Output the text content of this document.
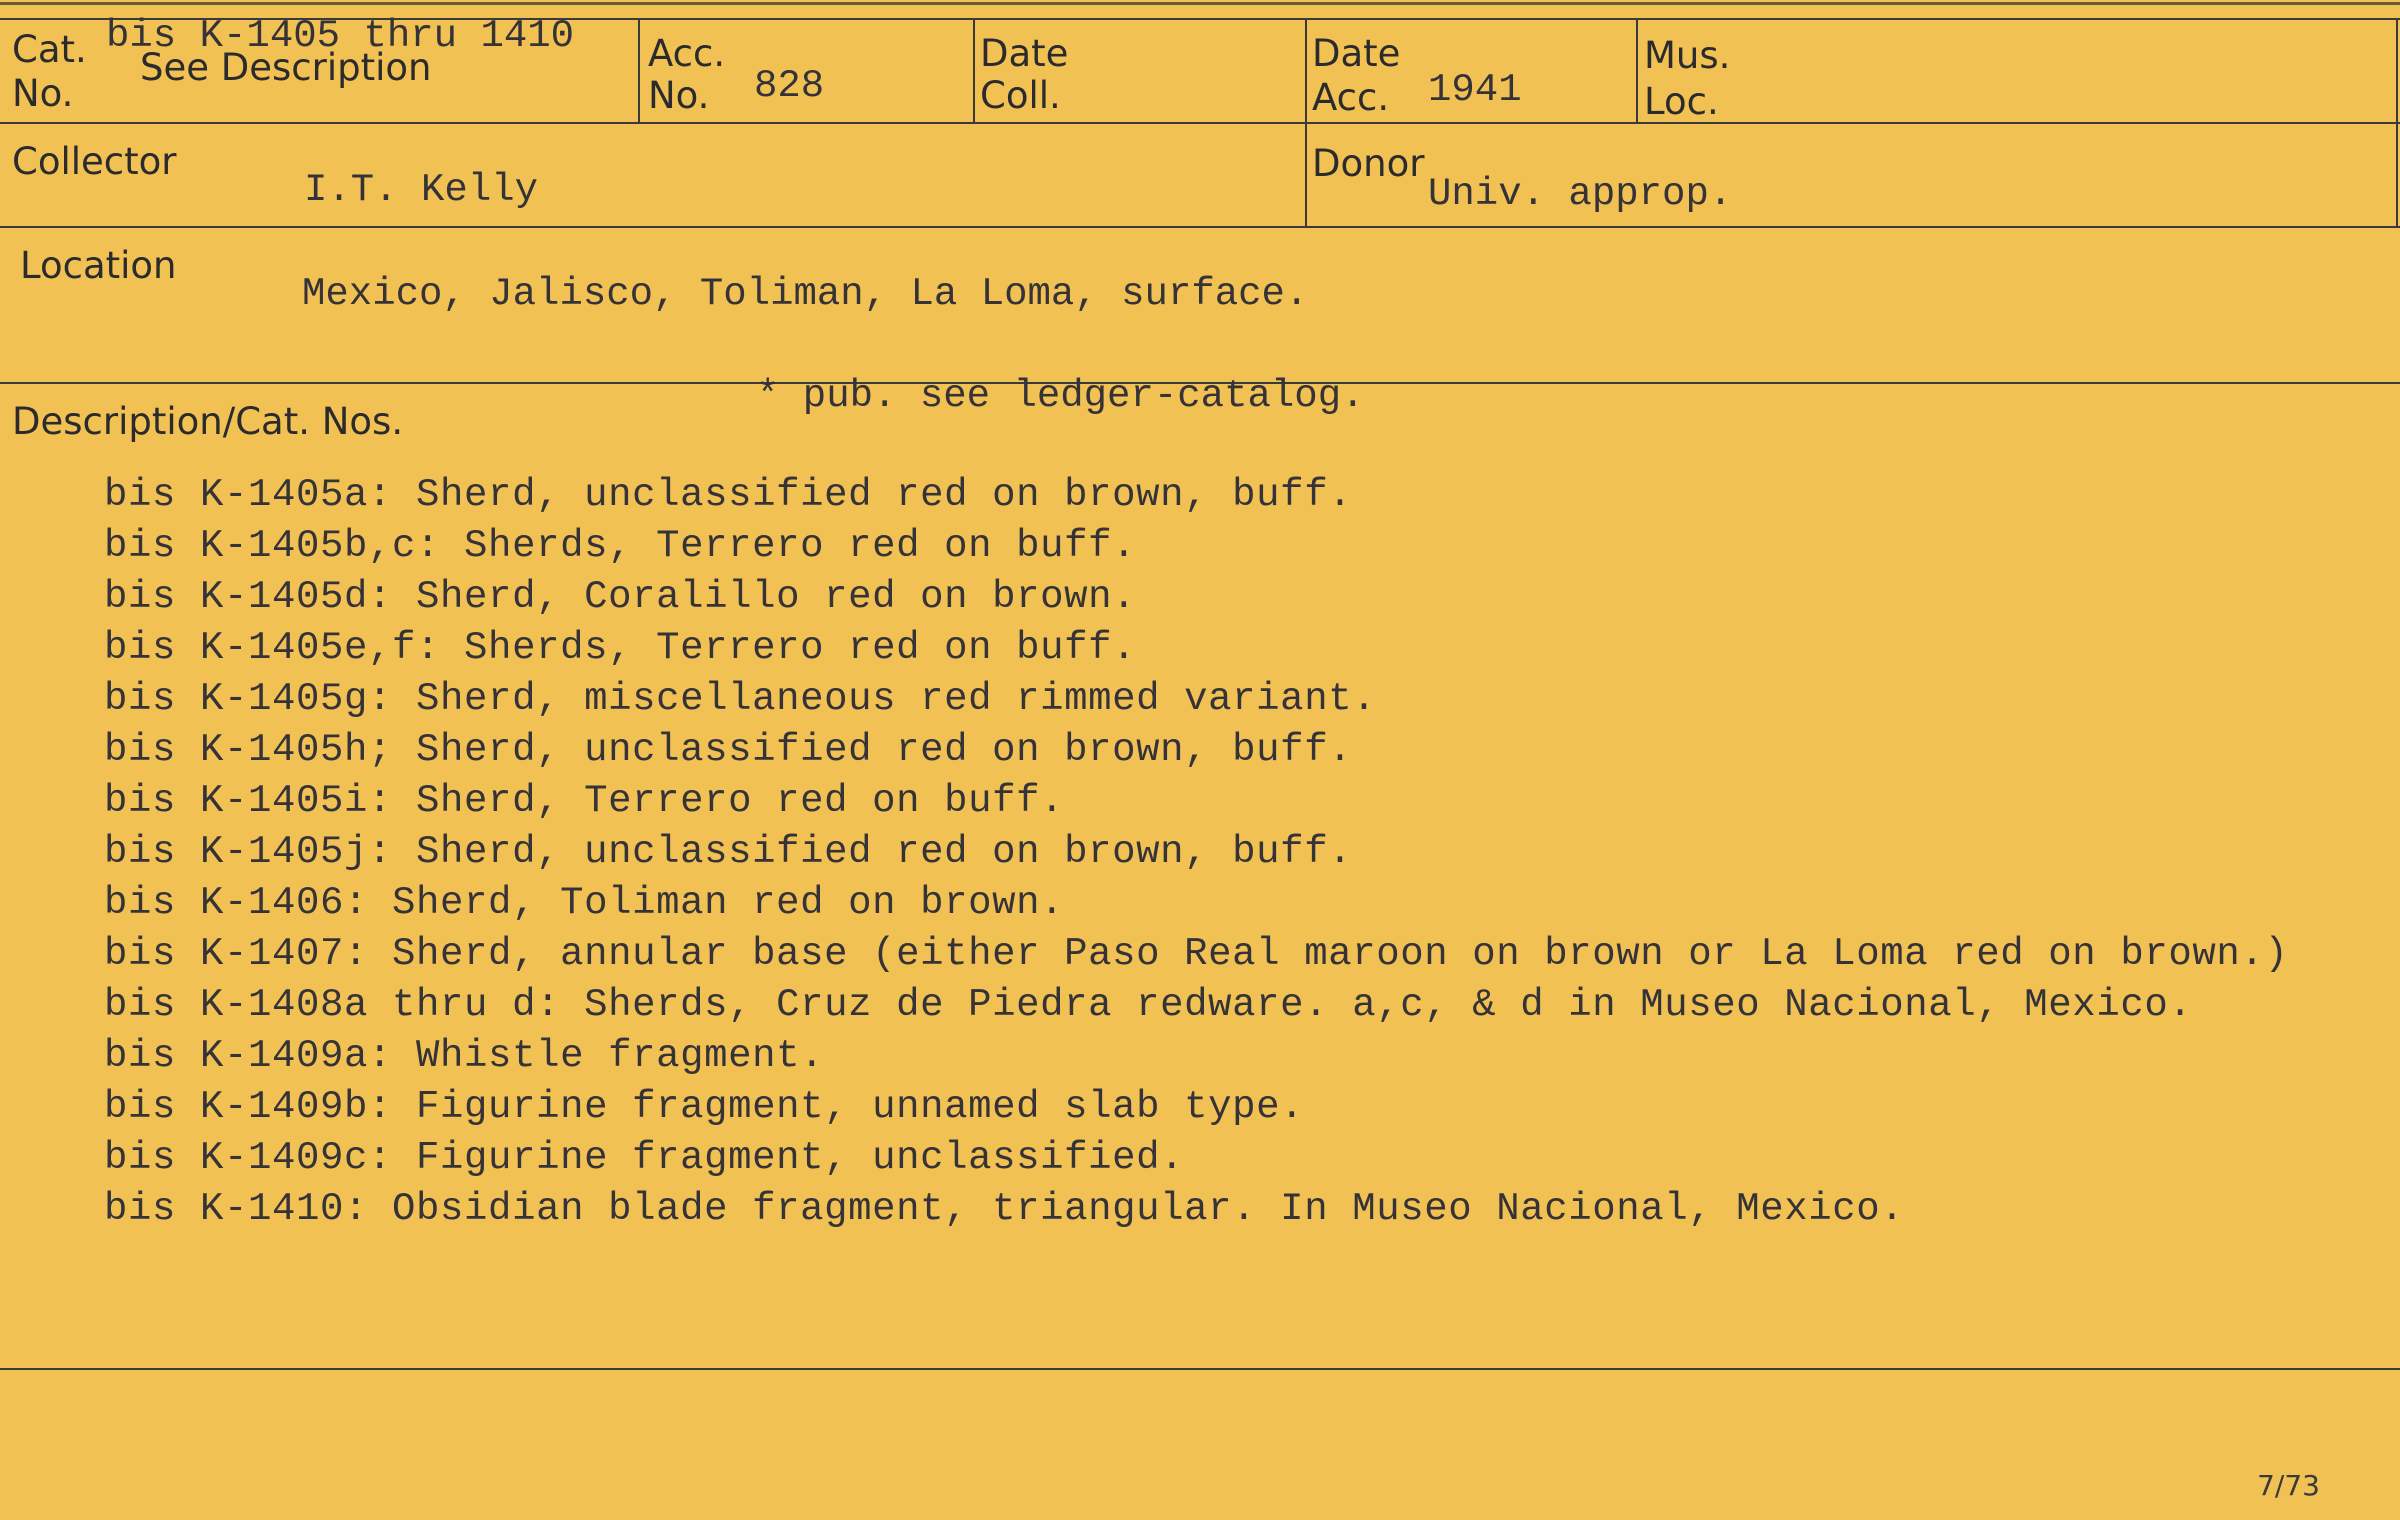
Cat.
No.
bis K-1405 thru 1410
See Description	Acc.
No. 828
Date
Coll.
Date
Acc. 1941
Mus.
Loc.
Collector
I.T. Kelly
Donor
Univ. approp.
Location
Mexico, Jalisco, Toliman, La Loma, surface.
Description/Cat. Nos.
* pub. see ledger-catalog.
bis K-1405a: Sherd, unclassified red on brown, buff.
bis K-1405b,c: Sherds, Terrero red on buff.
bis K-1405d: Sherd, Coralillo red on brown.
bis K-1405e,f: Sherds, Terrero red on buff.
bis K-1405g: Sherd, miscellaneous red rimmed variant.
bis K-1405h; Sherd, unclassified red on brown, buff.
bis K-1405i: Sherd, Terrero red on buff.
bis K-1405j: Sherd, unclassified red on brown, buff.
bis K-1406: Sherd, Toliman red on brown.
bis K-1407: Sherd, annular base (either Paso Real maroon on brown or La Loma red on brown.)
bis K-1408a thru d: Sherds, Cruz de Piedra redware. a,c, & d in Museo Nacional, Mexico.
bis K-1409a: Whistle fragment.
bis K-1409b: Figurine fragment, unnamed slab type.
bis K-1409c: Figurine fragment, unclassified.
bis K-1410: Obsidian blade fragment, triangular. In Museo Nacional, Mexico.
7/73
